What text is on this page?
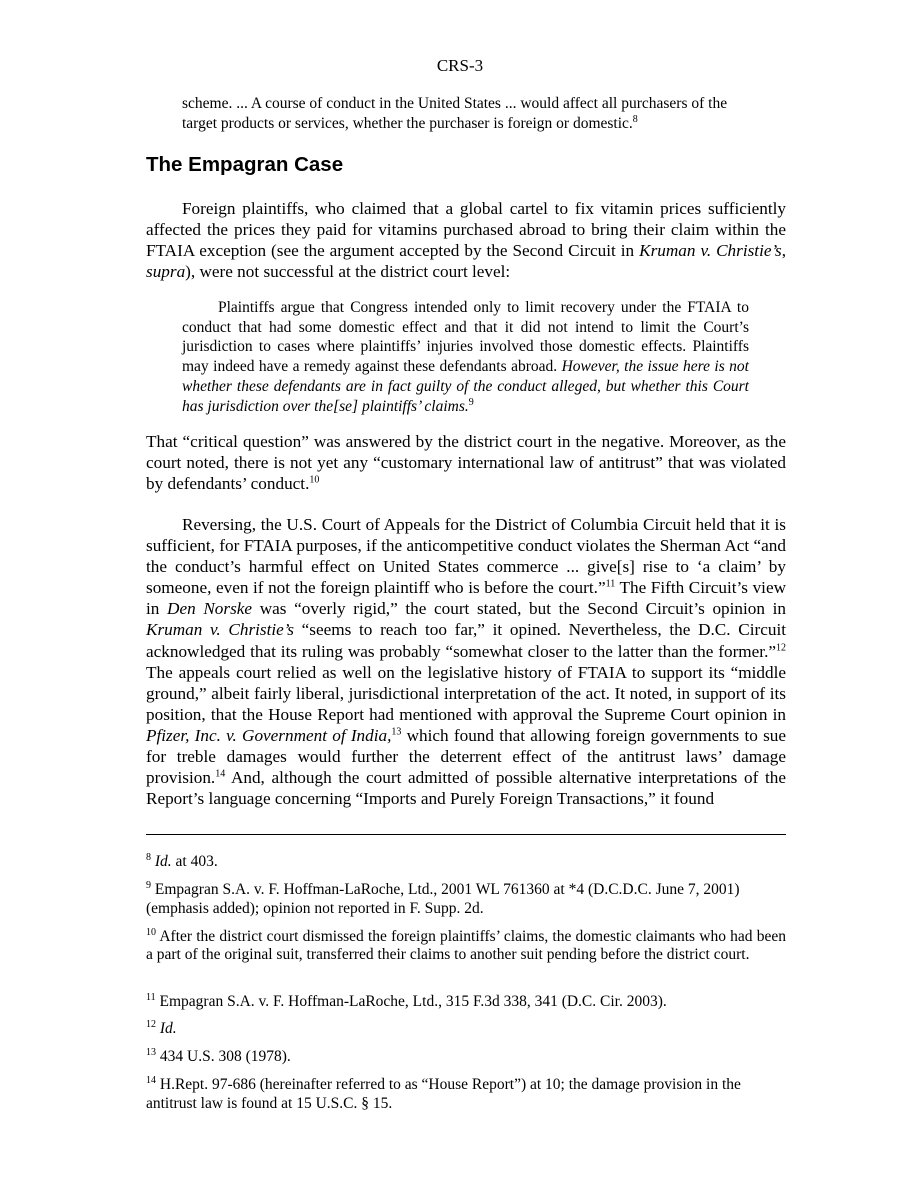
CRS-3

scheme. ... A course of conduct in the United States ... would affect all purchasers of the target products or services, whether the purchaser is foreign or domestic.$^8$

The Empagran Case

Foreign plaintiffs, who claimed that a global cartel to fix vitamin prices sufficiently affected the prices they paid for vitamins purchased abroad to bring their claim within the FTAIA exception (see the argument accepted by the Second Circuit in Kruman v. Christie’s, supra), were not successful at the district court level:

Plaintiffs argue that Congress intended only to limit recovery under the FTAIA to conduct that had some domestic effect and that it did not intend to limit the Court’s jurisdiction to cases where plaintiffs’ injuries involved those domestic effects. Plaintiffs may indeed have a remedy against these defendants abroad. However, the issue here is not whether these defendants are in fact guilty of the conduct alleged, but whether this Court has jurisdiction over the[se] plaintiffs’ claims.$^9$

That “critical question” was answered by the district court in the negative. Moreover, as the court noted, there is not yet any “customary international law of antitrust” that was violated by defendants’ conduct.$^{10}$

Reversing, the U.S. Court of Appeals for the District of Columbia Circuit held that it is sufficient, for FTAIA purposes, if the anticompetitive conduct violates the Sherman Act “and the conduct’s harmful effect on United States commerce ... give[s] rise to ‘a claim’ by someone, even if not the foreign plaintiff who is before the court.”$^{11}$ The Fifth Circuit’s view in Den Norske was “overly rigid,” the court stated, but the Second Circuit’s opinion in Kruman v. Christie’s “seems to reach too far,” it opined. Nevertheless, the D.C. Circuit acknowledged that its ruling was probably “somewhat closer to the latter than the former.”$^{12}$ The appeals court relied as well on the legislative history of FTAIA to support its “middle ground,” albeit fairly liberal, jurisdictional interpretation of the act. It noted, in support of its position, that the House Report had mentioned with approval the Supreme Court opinion in Pfizer, Inc. v. Government of India,$^{13}$ which found that allowing foreign governments to sue for treble damages would further the deterrent effect of the antitrust laws’ damage provision.$^{14}$ And, although the court admitted of possible alternative interpretations of the Report’s language concerning “Imports and Purely Foreign Transactions,” it found

$^8$ Id. at 403.

$^9$ Empagran S.A. v. F. Hoffman-LaRoche, Ltd., 2001 WL 761360 at *4 (D.C.D.C. June 7, 2001) (emphasis added); opinion not reported in F. Supp. 2d.

$^{10}$ After the district court dismissed the foreign plaintiffs’ claims, the domestic claimants who had been a part of the original suit, transferred their claims to another suit pending before the district court.

$^{11}$ Empagran S.A. v. F. Hoffman-LaRoche, Ltd., 315 F.3d 338, 341 (D.C. Cir. 2003).

$^{12}$ Id.

$^{13}$ 434 U.S. 308 (1978).

$^{14}$ H.Rept. 97-686 (hereinafter referred to as “House Report”) at 10; the damage provision in the antitrust law is found at 15 U.S.C. § 15.
